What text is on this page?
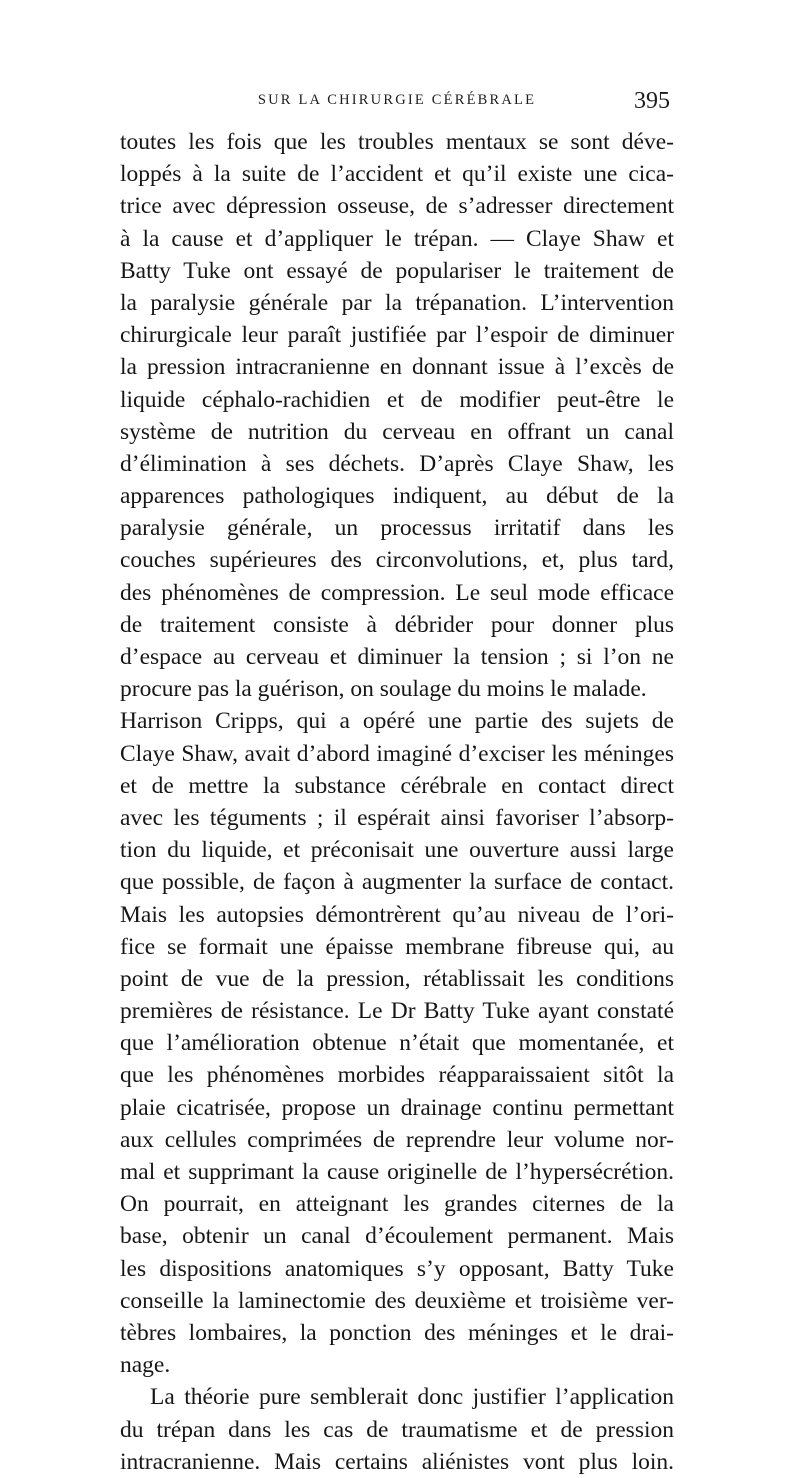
SUR LA CHIRURGIE CÉRÉBRALE	395
toutes les fois que les troubles mentaux se sont déve-
loppés à la suite de l’accident et qu’il existe une cica-
trice avec dépression osseuse, de s’adresser directement
à la cause et d’appliquer le trépan. — Claye Shaw et
Batty Tuke ont essayé de populariser le traitement de
la paralysie générale par la trépanation. L’intervention
chirurgicale leur paraît justifiée par l’espoir de diminuer
la pression intracranienne en donnant issue à l’excès de
liquide céphalo-rachidien et de modifier peut-être le
système de nutrition du cerveau en offrant un canal
d’élimination à ses déchets. D’après Claye Shaw, les
apparences pathologiques indiquent, au début de la
paralysie générale, un processus irritatif dans les
couches supérieures des circonvolutions, et, plus tard,
des phénomènes de compression. Le seul mode efficace
de traitement consiste à débrider pour donner plus
d’espace au cerveau et diminuer la tension ; si l’on ne
procure pas la guérison, on soulage du moins le malade.
Harrison Cripps, qui a opéré une partie des sujets de
Claye Shaw, avait d’abord imaginé d’exciser les méninges
et de mettre la substance cérébrale en contact direct
avec les téguments ; il espérait ainsi favoriser l’absorp-
tion du liquide, et préconisait une ouverture aussi large
que possible, de façon à augmenter la surface de contact.
Mais les autopsies démontrèrent qu’au niveau de l’ori-
fice se formait une épaisse membrane fibreuse qui, au
point de vue de la pression, rétablissait les conditions
premières de résistance. Le Dr Batty Tuke ayant constaté
que l’amélioration obtenue n’était que momentanée, et
que les phénomènes morbides réapparaissaient sitôt la
plaie cicatrisée, propose un drainage continu permettant
aux cellules comprimées de reprendre leur volume nor-
mal et supprimant la cause originelle de l’hypersécrétion.
On pourrait, en atteignant les grandes citernes de la
base, obtenir un canal d’écoulement permanent. Mais
les dispositions anatomiques s’y opposant, Batty Tuke
conseille la laminectomie des deuxième et troisième ver-
tèbres lombaires, la ponction des méninges et le drai-
nage.
La théorie pure semblerait donc justifier l’application
du trépan dans les cas de traumatisme et de pression
intracranienne. Mais certains aliénistes vont plus loin.
